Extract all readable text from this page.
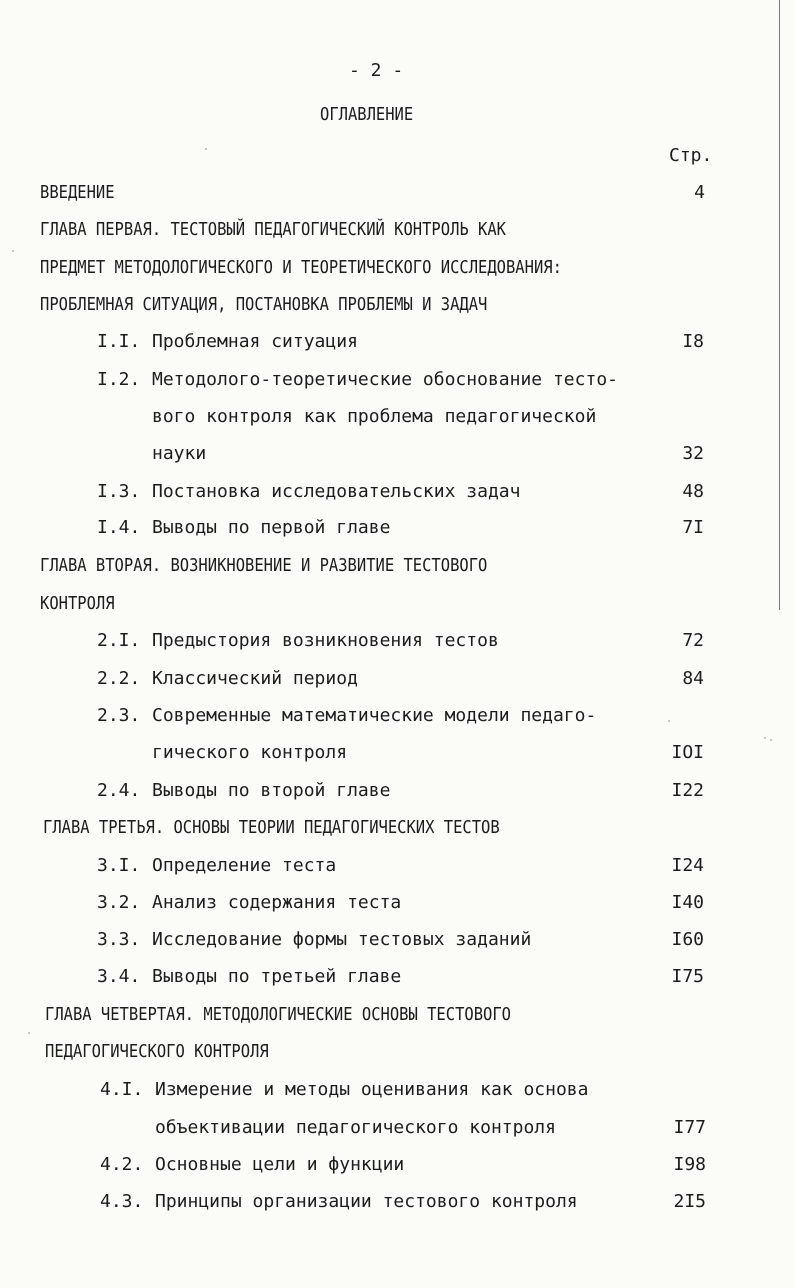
- 2 -
ОГЛАВЛЕНИЕ
Стр.
ВВЕДЕНИЕ	4
ГЛАВА ПЕРВАЯ. ТЕСТОВЫЙ ПЕДАГОГИЧЕСКИЙ КОНТРОЛЬ КАК
ПРЕДМЕТ МЕТОДОЛОГИЧЕСКОГО И ТЕОРЕТИЧЕСКОГО ИССЛЕДОВАНИЯ:
ПРОБЛЕМНАЯ СИТУАЦИЯ, ПОСТАНОВКА ПРОБЛЕМЫ И ЗАДАЧ
I.I. Проблемная ситуация	I8
I.2. Методолого-теоретические обоснование тесто-
вого контроля как проблема педагогической
науки	32
I.3. Постановка исследовательских задач	48
I.4. Выводы по первой главе	7I
ГЛАВА ВТОРАЯ. ВОЗНИКНОВЕНИЕ И РАЗВИТИЕ ТЕСТОВОГО
КОНТРОЛЯ
2.I. Предыстория возникновения тестов	72
2.2. Классический период	84
2.3. Современные математические модели педаго-
гического контроля	IOI
2.4. Выводы по второй главе	I22
ГЛАВА ТРЕТЬЯ. ОСНОВЫ ТЕОРИИ ПЕДАГОГИЧЕСКИХ ТЕСТОВ
3.I. Определение теста	I24
3.2. Анализ содержания теста	I40
3.3. Исследование формы тестовых заданий	I60
3.4. Выводы по третьей главе	I75
ГЛАВА ЧЕТВЕРТАЯ. МЕТОДОЛОГИЧЕСКИЕ ОСНОВЫ ТЕСТОВОГО
ПЕДАГОГИЧЕСКОГО КОНТРОЛЯ
4.I. Измерение и методы оценивания как основа
объективации педагогического контроля	I77
4.2. Основные цели и функции	I98
4.3. Принципы организации тестового контроля	2I5
